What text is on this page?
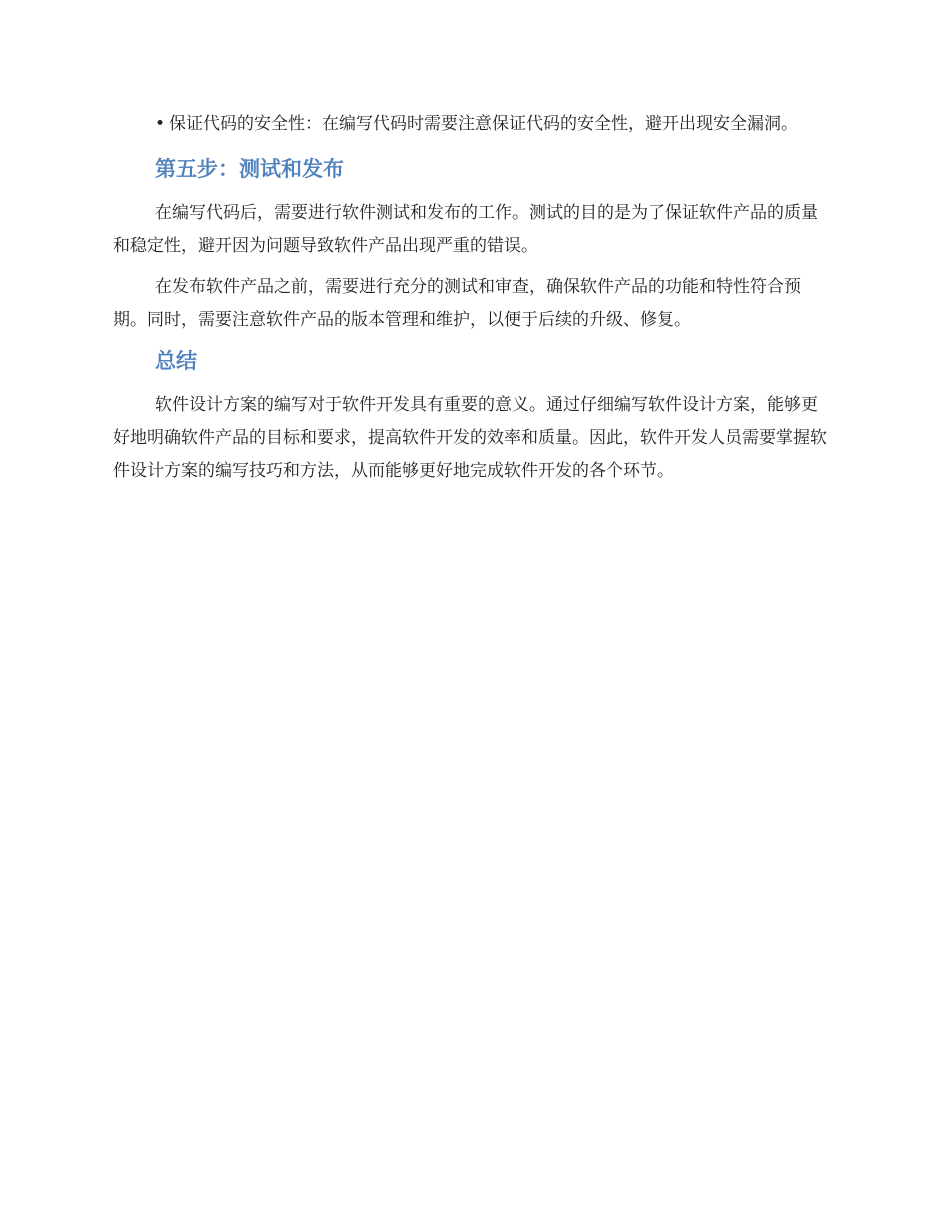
• 保证代码的安全性：在编写代码时需要注意保证代码的安全性，避开出现安全漏洞。

第五步：测试和发布

在编写代码后，需要进行软件测试和发布的工作。测试的目的是为了保证软件产品的质量和稳定性，避开因为问题导致软件产品出现严重的错误。

在发布软件产品之前，需要进行充分的测试和审查，确保软件产品的功能和特性符合预期。同时，需要注意软件产品的版本管理和维护，以便于后续的升级、修复。

总结

软件设计方案的编写对于软件开发具有重要的意义。通过仔细编写软件设计方案，能够更好地明确软件产品的目标和要求，提高软件开发的效率和质量。因此，软件开发人员需要掌握软件设计方案的编写技巧和方法，从而能够更好地完成软件开发的各个环节。
